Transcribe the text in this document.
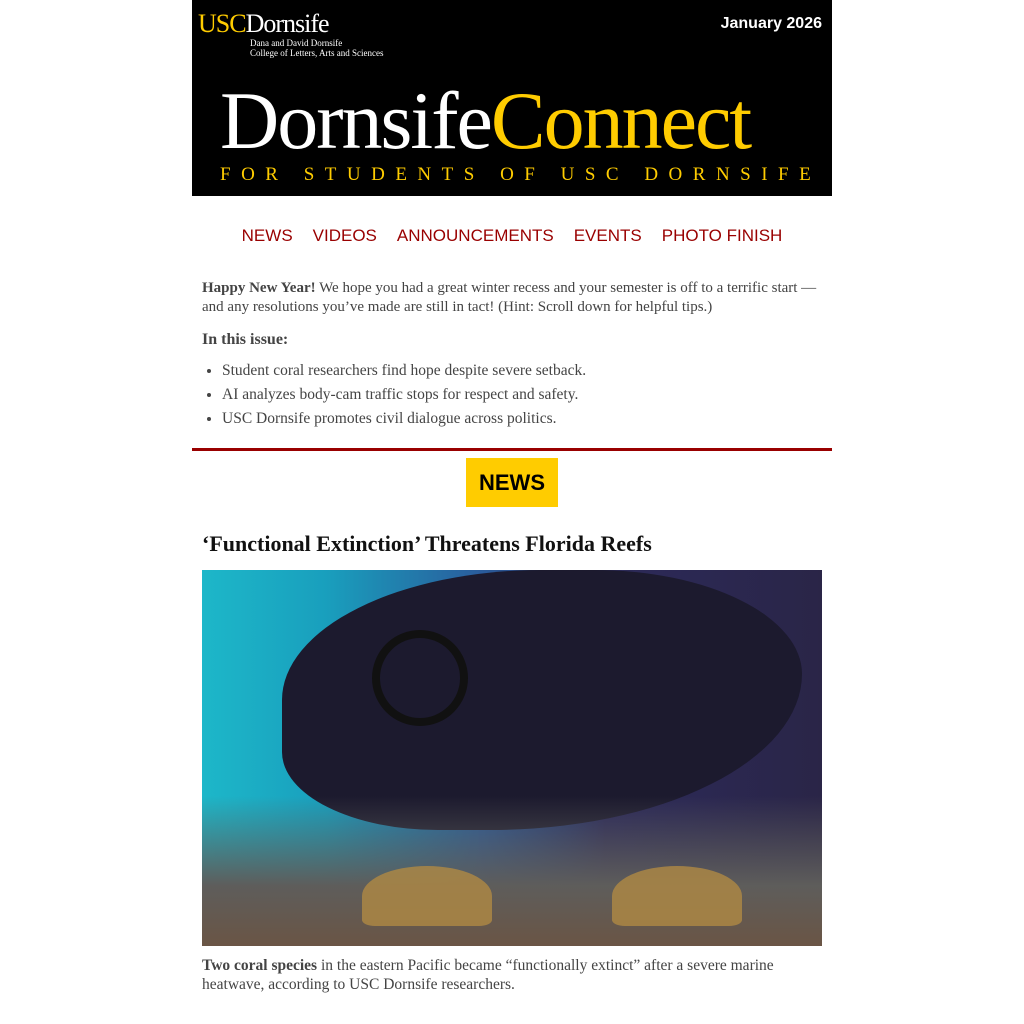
USCDornsife
Dana and David Dornsife
College of Letters, Arts and Sciences
January 2026
DornsifeConnect
FOR STUDENTS OF USC DORNSIFE
NEWS VIDEOS ANNOUNCEMENTS EVENTS PHOTO FINISH
Happy New Year! We hope you had a great winter recess and your semester is off to a terrific start — and any resolutions you’ve made are still in tact! (Hint: Scroll down for helpful tips.)
In this issue:
• Student coral researchers find hope despite severe setback.
• AI analyzes body-cam traffic stops for respect and safety.
• USC Dornsife promotes civil dialogue across politics.
NEWS
‘Functional Extinction’ Threatens Florida Reefs
Two coral species in the eastern Pacific became “functionally extinct” after a severe marine heatwave, according to USC Dornsife researchers.
